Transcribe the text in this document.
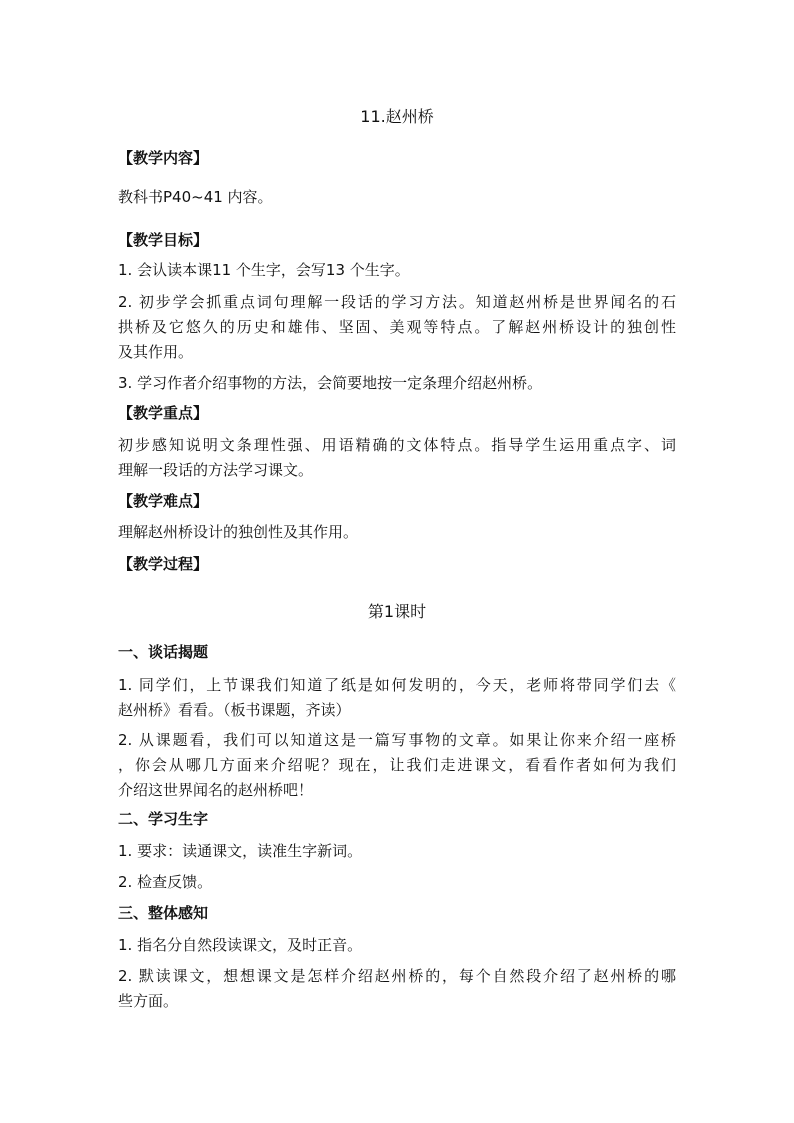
11.赵州桥
【教学内容】
教科书P40~41 内容。
【教学目标】
1. 会认读本课11 个生字，会写13 个生字。
2. 初步学会抓重点词句理解一段话的学习方法。知道赵州桥是世界闻名的石
拱桥及它悠久的历史和雄伟、坚固、美观等特点。了解赵州桥设计的独创性
及其作用。
3. 学习作者介绍事物的方法，会简要地按一定条理介绍赵州桥。
【教学重点】
初步感知说明文条理性强、用语精确的文体特点。指导学生运用重点字、词
理解一段话的方法学习课文。
【教学难点】
理解赵州桥设计的独创性及其作用。
【教学过程】
第1课时
一、谈话揭题
1. 同学们，上节课我们知道了纸是如何发明的，今天，老师将带同学们去《
赵州桥》看看。（板书课题，齐读）
2. 从课题看，我们可以知道这是一篇写事物的文章。如果让你来介绍一座桥
，你会从哪几方面来介绍呢？现在，让我们走进课文，看看作者如何为我们
介绍这世界闻名的赵州桥吧！
二、学习生字
1. 要求：读通课文，读准生字新词。
2. 检查反馈。
三、整体感知
1. 指名分自然段读课文，及时正音。
2. 默读课文，想想课文是怎样介绍赵州桥的，每个自然段介绍了赵州桥的哪
些方面。
